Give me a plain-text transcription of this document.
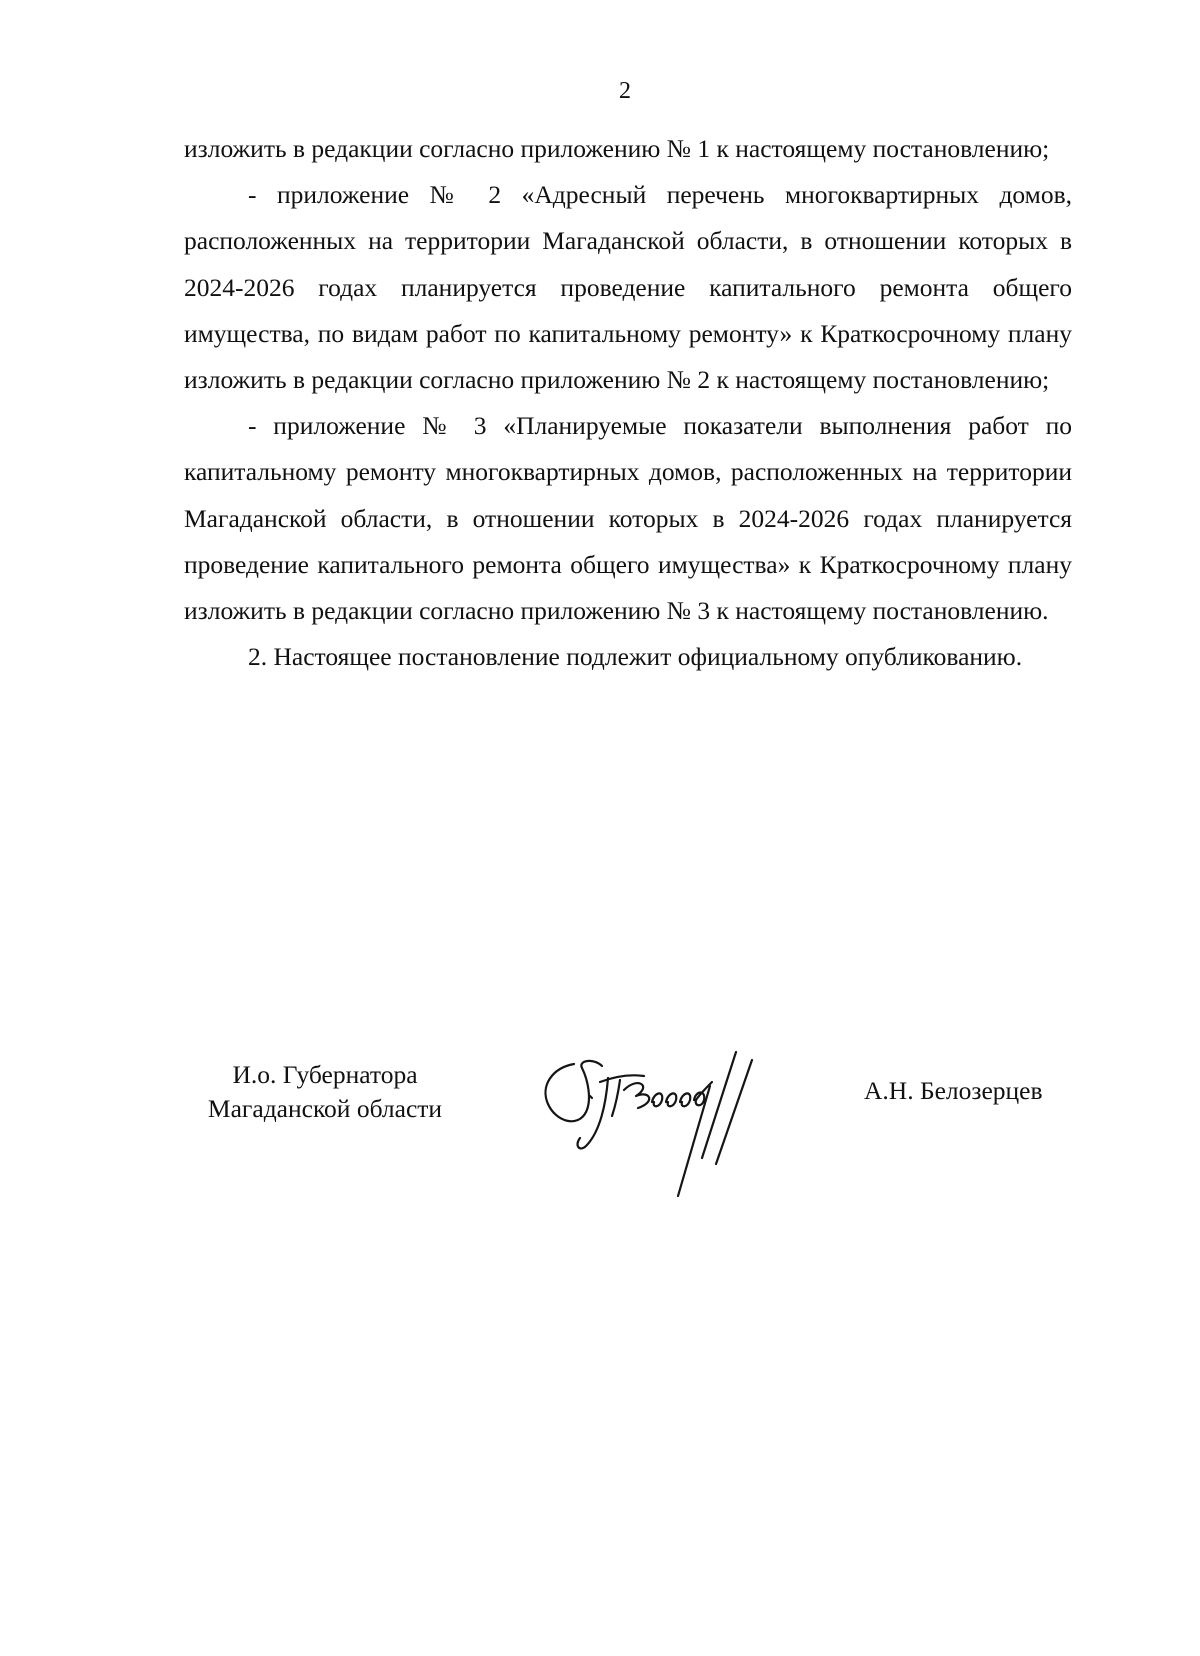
2

изложить в редакции согласно приложению № 1 к настоящему постановлению;

- приложение № 2 «Адресный перечень многоквартирных домов, расположенных на территории Магаданской области, в отношении которых в 2024-2026 годах планируется проведение капитального ремонта общего имущества, по видам работ по капитальному ремонту» к Краткосрочному плану изложить в редакции согласно приложению № 2 к настоящему постановлению;

- приложение № 3 «Планируемые показатели выполнения работ по капитальному ремонту многоквартирных домов, расположенных на территории Магаданской области, в отношении которых в 2024-2026 годах планируется проведение капитального ремонта общего имущества» к Краткосрочному плану изложить в редакции согласно приложению № 3 к настоящему постановлению.

2. Настоящее постановление подлежит официальному опубликованию.

И.о. Губернатора
Магаданской области
А.Н. Белозерцев
